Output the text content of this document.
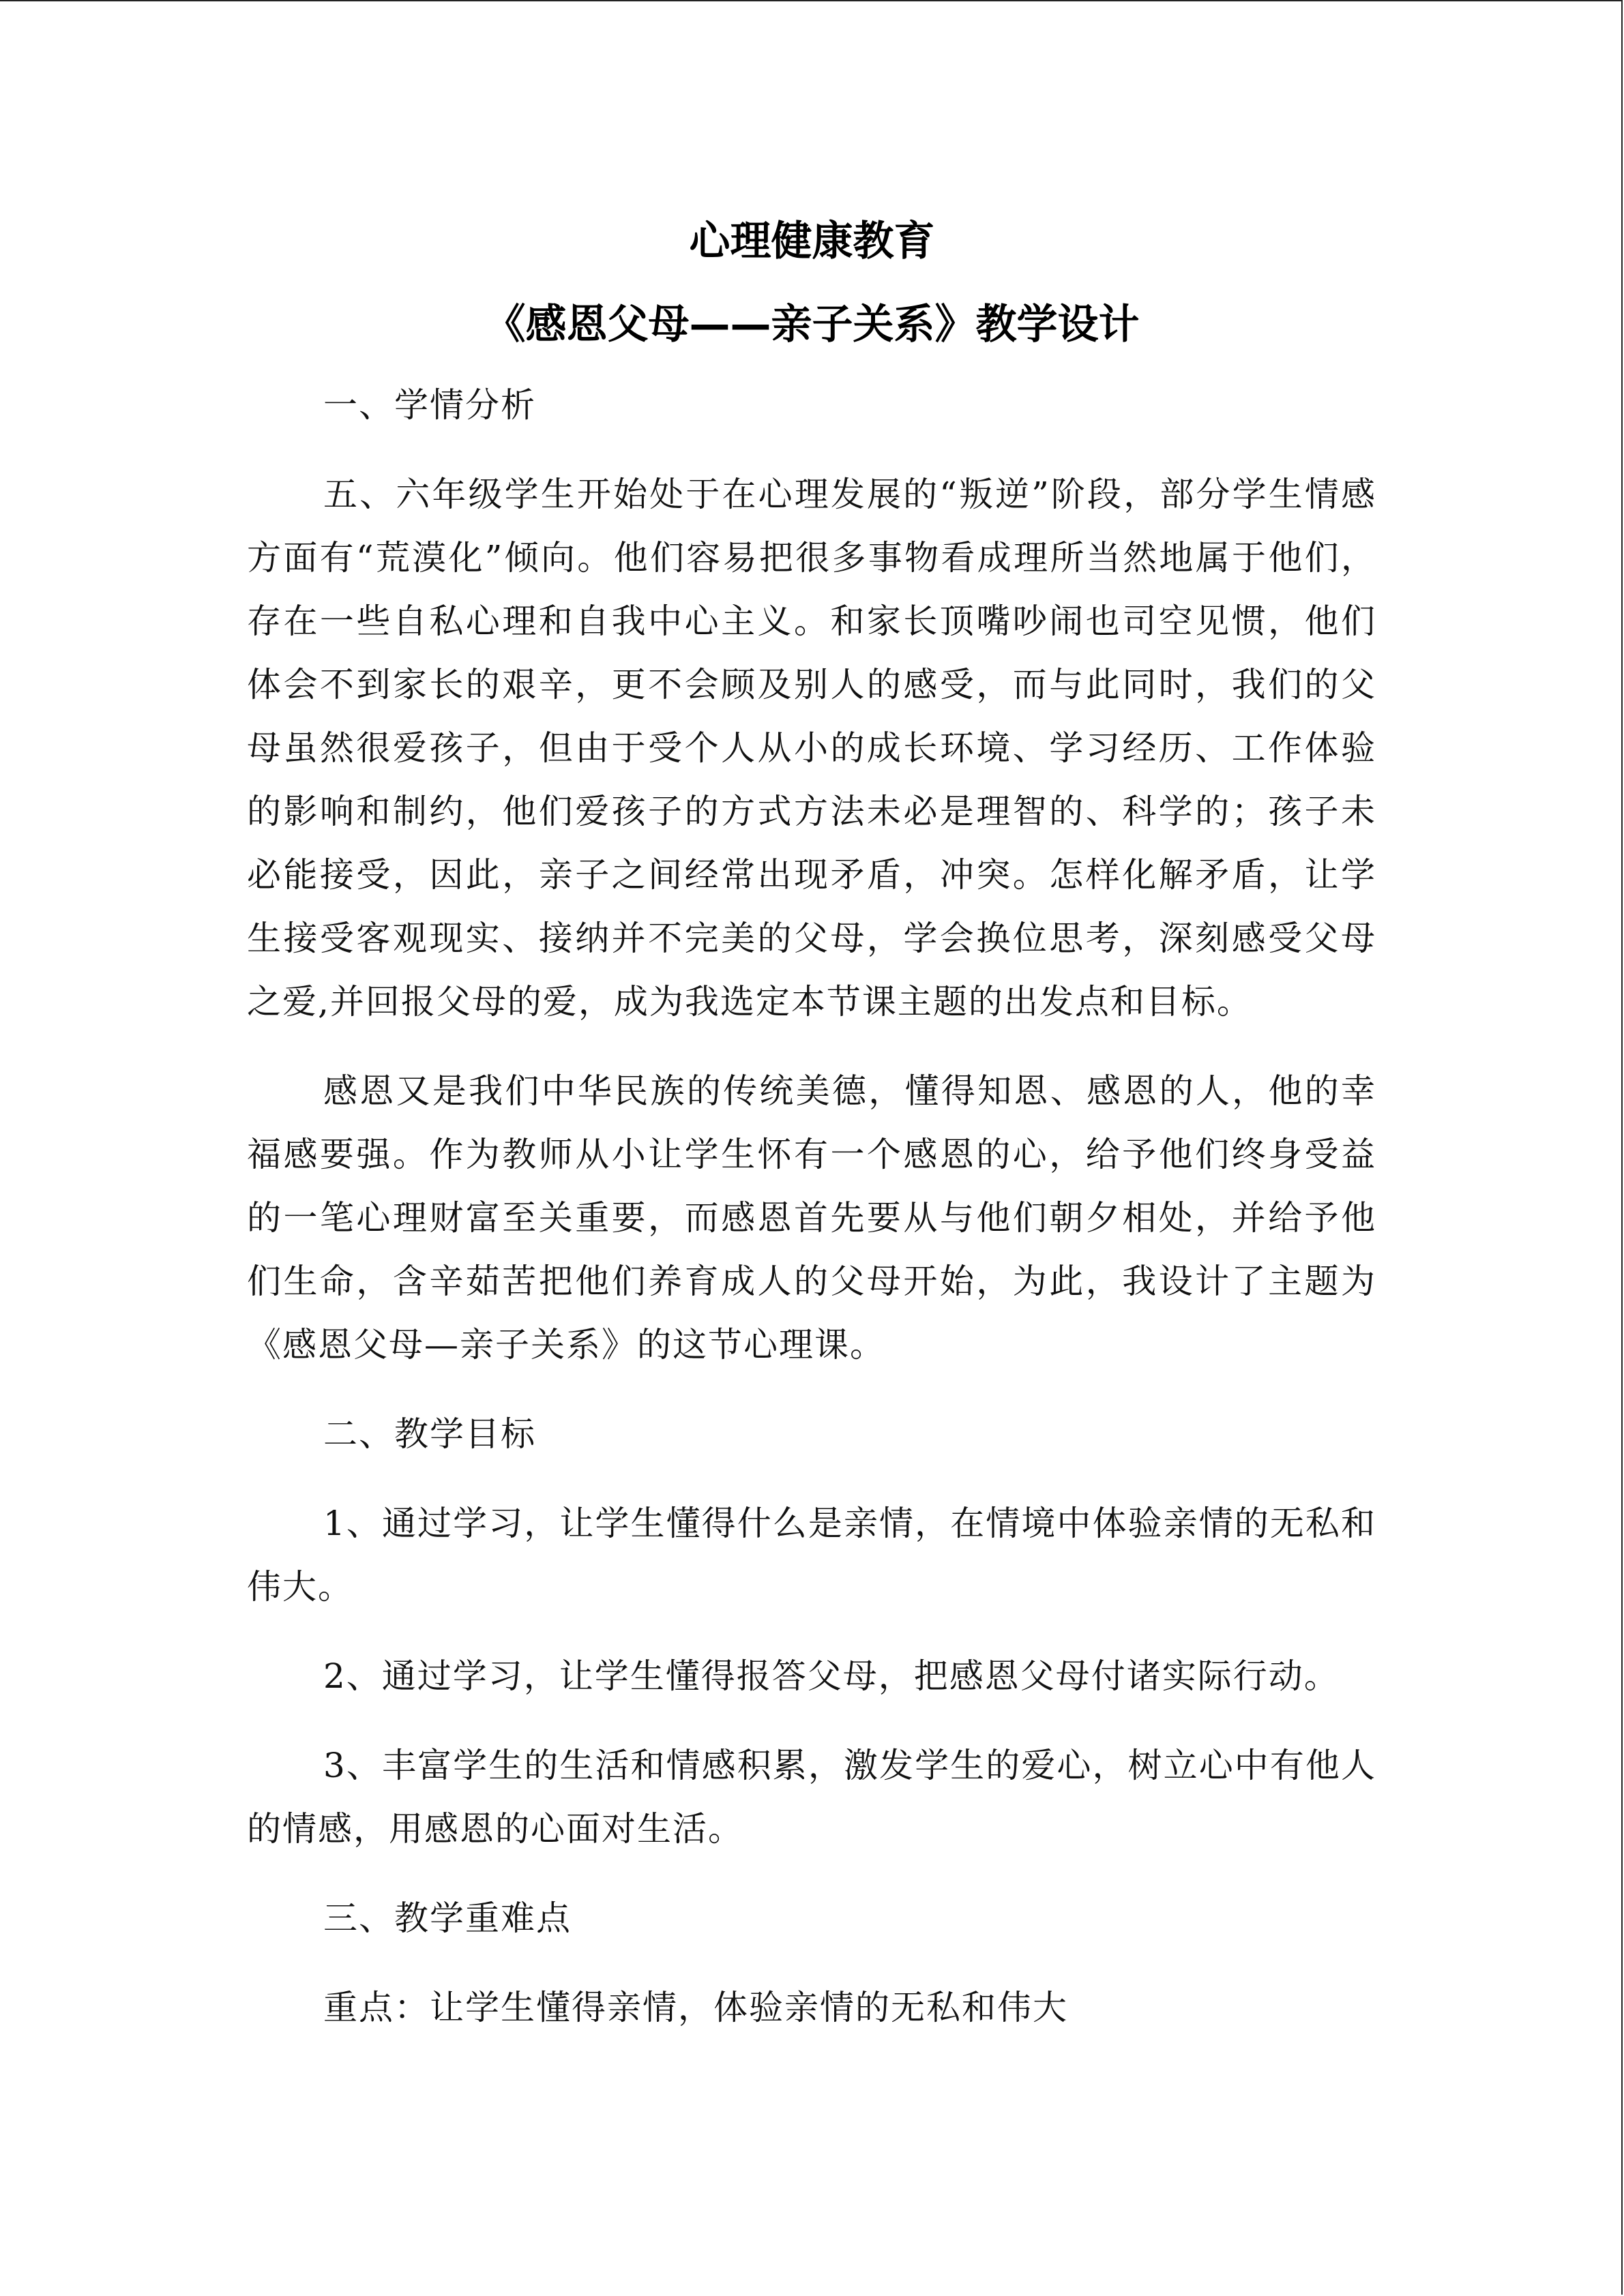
心理健康教育
《感恩父母——亲子关系》教学设计

一、学情分析

五、六年级学生开始处于在心理发展的“叛逆”阶段，部分学生情感方面有“荒漠化”倾向。他们容易把很多事物看成理所当然地属于他们，存在一些自私心理和自我中心主义。和家长顶嘴吵闹也司空见惯，他们体会不到家长的艰辛，更不会顾及别人的感受，而与此同时，我们的父母虽然很爱孩子，但由于受个人从小的成长环境、学习经历、工作体验的影响和制约，他们爱孩子的方式方法未必是理智的、科学的；孩子未必能接受，因此，亲子之间经常出现矛盾，冲突。怎样化解矛盾，让学生接受客观现实、接纳并不完美的父母，学会换位思考，深刻感受父母之爱,并回报父母的爱，成为我选定本节课主题的出发点和目标。

感恩又是我们中华民族的传统美德，懂得知恩、感恩的人，他的幸福感要强。作为教师从小让学生怀有一个感恩的心，给予他们终身受益的一笔心理财富至关重要，而感恩首先要从与他们朝夕相处，并给予他们生命，含辛茹苦把他们养育成人的父母开始，为此，我设计了主题为《感恩父母—亲子关系》的这节心理课。

二、教学目标

1、通过学习，让学生懂得什么是亲情，在情境中体验亲情的无私和伟大。

2、通过学习，让学生懂得报答父母，把感恩父母付诸实际行动。

3、丰富学生的生活和情感积累，激发学生的爱心，树立心中有他人的情感，用感恩的心面对生活。

三、教学重难点

重点：让学生懂得亲情，体验亲情的无私和伟大
